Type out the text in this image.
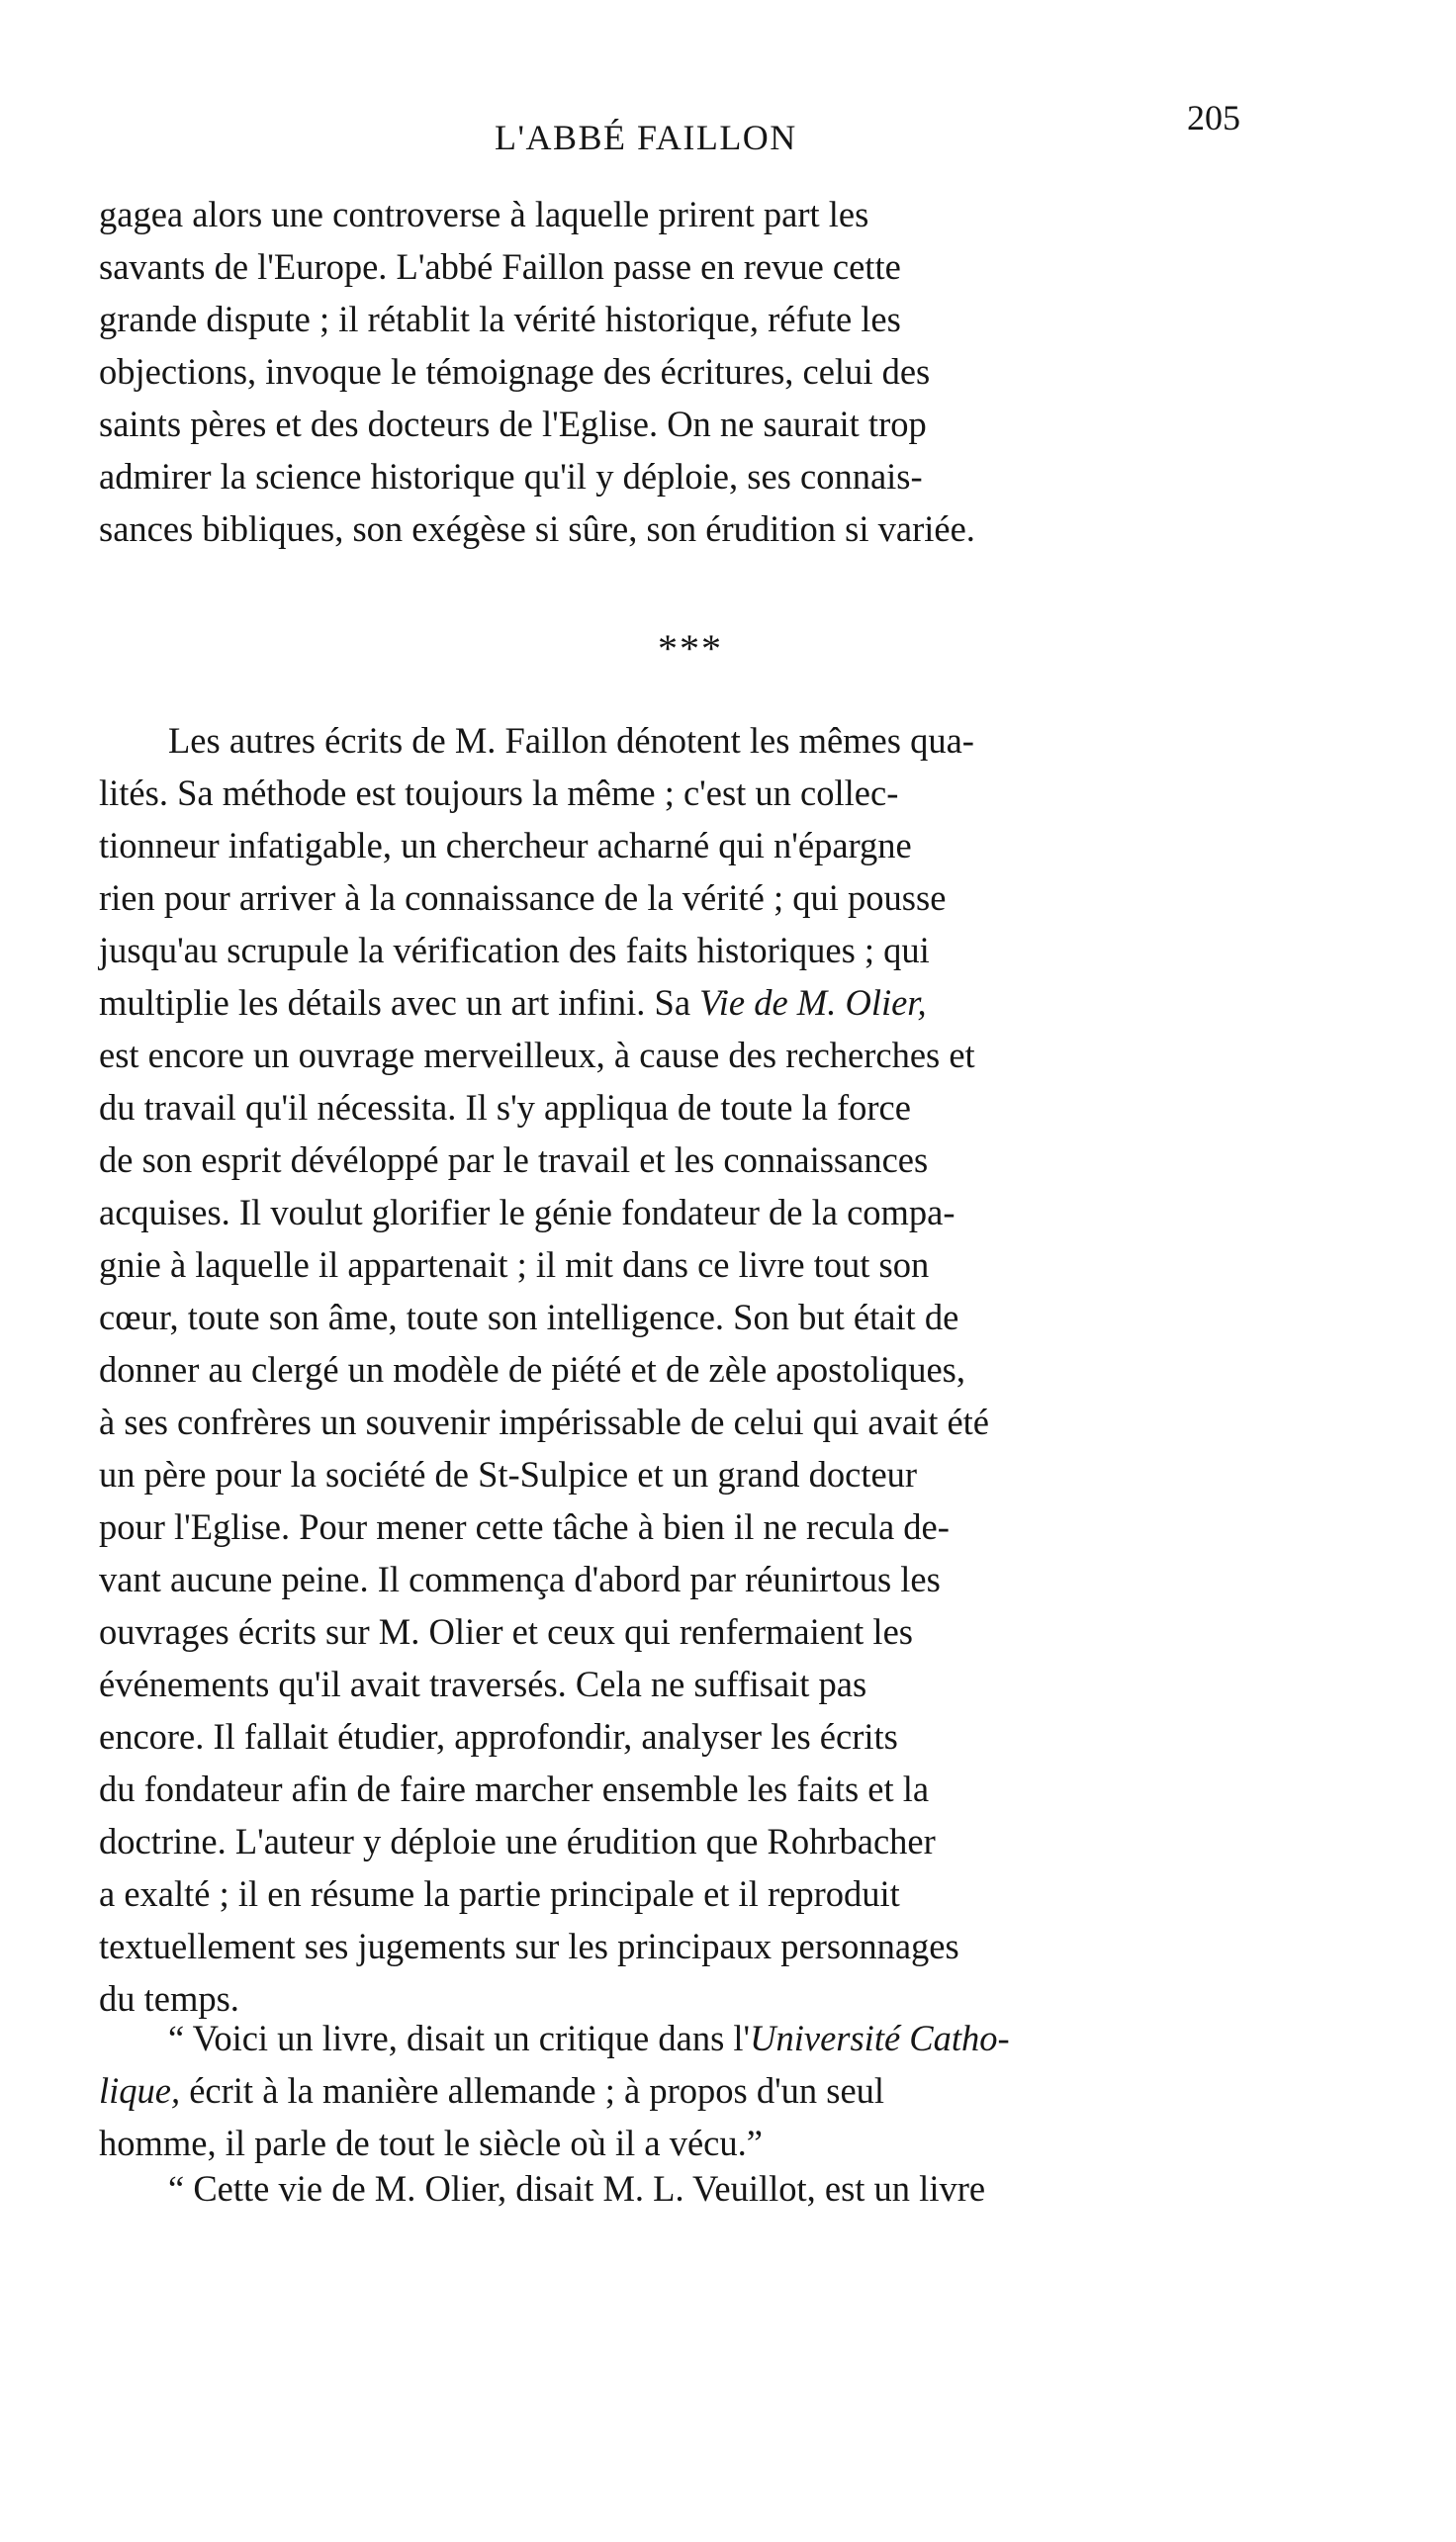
L'ABBÉ FAILLON	205

gagea alors une controverse à laquelle prirent part les
savants de l'Europe. L'abbé Faillon passe en revue cette
grande dispute ; il rétablit la vérité historique, réfute les
objections, invoque le témoignage des écritures, celui des
saints pères et des docteurs de l'Eglise. On ne saurait trop
admirer la science historique qu'il y déploie, ses connais-
sances bibliques, son exégèse si sûre, son érudition si variée.

***

Les autres écrits de M. Faillon dénotent les mêmes qua-
lités. Sa méthode est toujours la même ; c'est un collec-
tionneur infatigable, un chercheur acharné qui n'épargne
rien pour arriver à la connaissance de la vérité ; qui pousse
jusqu'au scrupule la vérification des faits historiques ; qui
multiplie les détails avec un art infini. Sa Vie de M. Olier,
est encore un ouvrage merveilleux, à cause des recherches et
du travail qu'il nécessita. Il s'y appliqua de toute la force
de son esprit dévéloppé par le travail et les connaissances
acquises. Il voulut glorifier le génie fondateur de la compa-
gnie à laquelle il appartenait ; il mit dans ce livre tout son
cœur, toute son âme, toute son intelligence. Son but était de
donner au clergé un modèle de piété et de zèle apostoliques,
à ses confrères un souvenir impérissable de celui qui avait été
un père pour la société de St-Sulpice et un grand docteur
pour l'Eglise. Pour mener cette tâche à bien il ne recula de-
vant aucune peine. Il commença d'abord par réunirtous les
ouvrages écrits sur M. Olier et ceux qui renfermaient les
événements qu'il avait traversés. Cela ne suffisait pas
encore. Il fallait étudier, approfondir, analyser les écrits
du fondateur afin de faire marcher ensemble les faits et la
doctrine. L'auteur y déploie une érudition que Rohrbacher
a exalté ; il en résume la partie principale et il reproduit
textuellement ses jugements sur les principaux personnages
du temps.

“ Voici un livre, disait un critique dans l'Université Catho-
lique, écrit à la manière allemande ; à propos d'un seul
homme, il parle de tout le siècle où il a vécu.”

“ Cette vie de M. Olier, disait M. L. Veuillot, est un livre
